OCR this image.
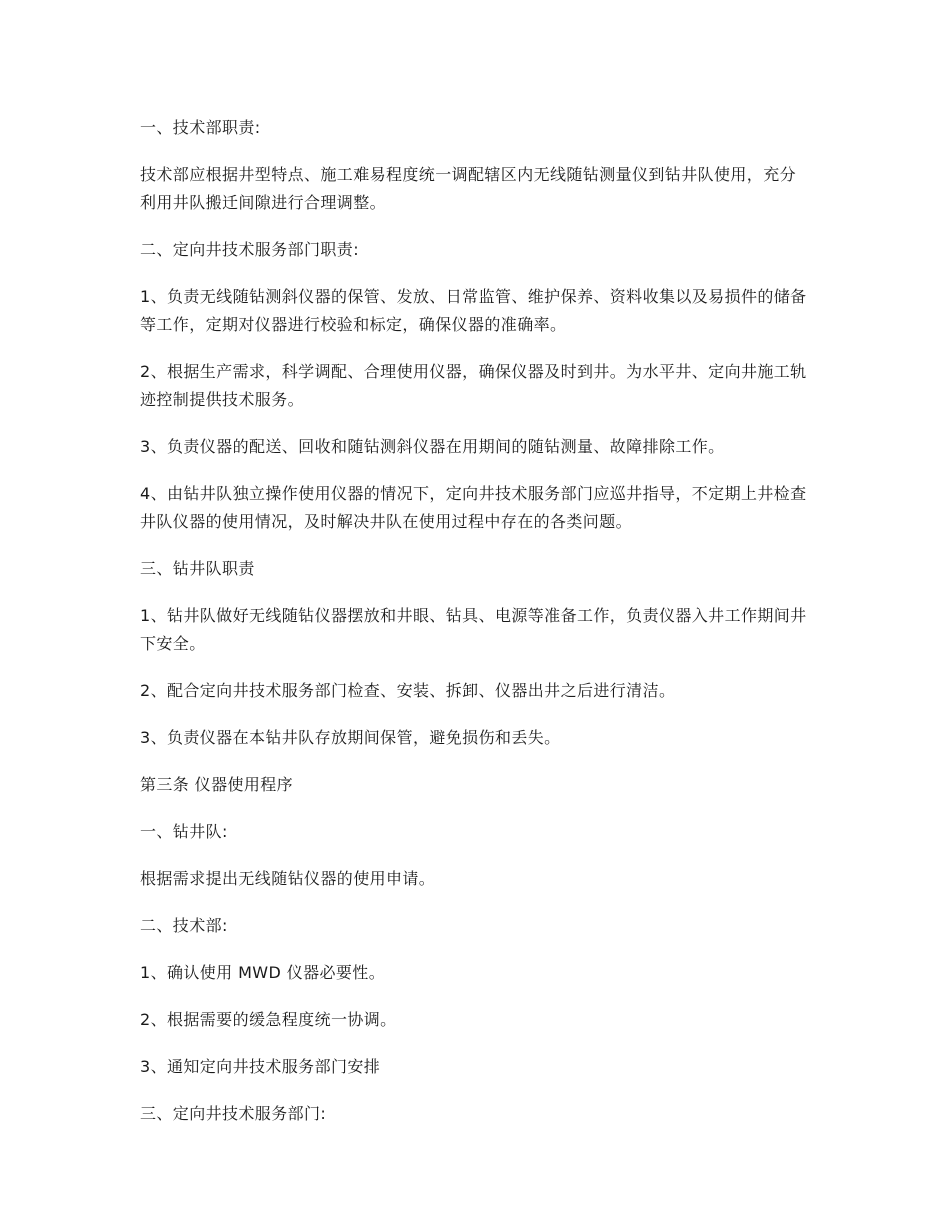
一、技术部职责:

技术部应根据井型特点、施工难易程度统一调配辖区内无线随钻测量仪到钻井队使用，充分利用井队搬迁间隙进行合理调整。

二、定向井技术服务部门职责:

1、负责无线随钻测斜仪器的保管、发放、日常监管、维护保养、资料收集以及易损件的储备等工作，定期对仪器进行校验和标定，确保仪器的准确率。

2、根据生产需求，科学调配、合理使用仪器，确保仪器及时到井。为水平井、定向井施工轨迹控制提供技术服务。

3、负责仪器的配送、回收和随钻测斜仪器在用期间的随钻测量、故障排除工作。

4、由钻井队独立操作使用仪器的情况下，定向井技术服务部门应巡井指导，不定期上井检查井队仪器的使用情况，及时解决井队在使用过程中存在的各类问题。

三、钻井队职责

1、钻井队做好无线随钻仪器摆放和井眼、钻具、电源等准备工作，负责仪器入井工作期间井下安全。

2、配合定向井技术服务部门检查、安装、拆卸、仪器出井之后进行清洁。

3、负责仪器在本钻井队存放期间保管，避免损伤和丢失。

第三条 仪器使用程序

一、钻井队:

根据需求提出无线随钻仪器的使用申请。

二、技术部:

1、确认使用 MWD 仪器必要性。

2、根据需要的缓急程度统一协调。

3、通知定向井技术服务部门安排

三、定向井技术服务部门:
